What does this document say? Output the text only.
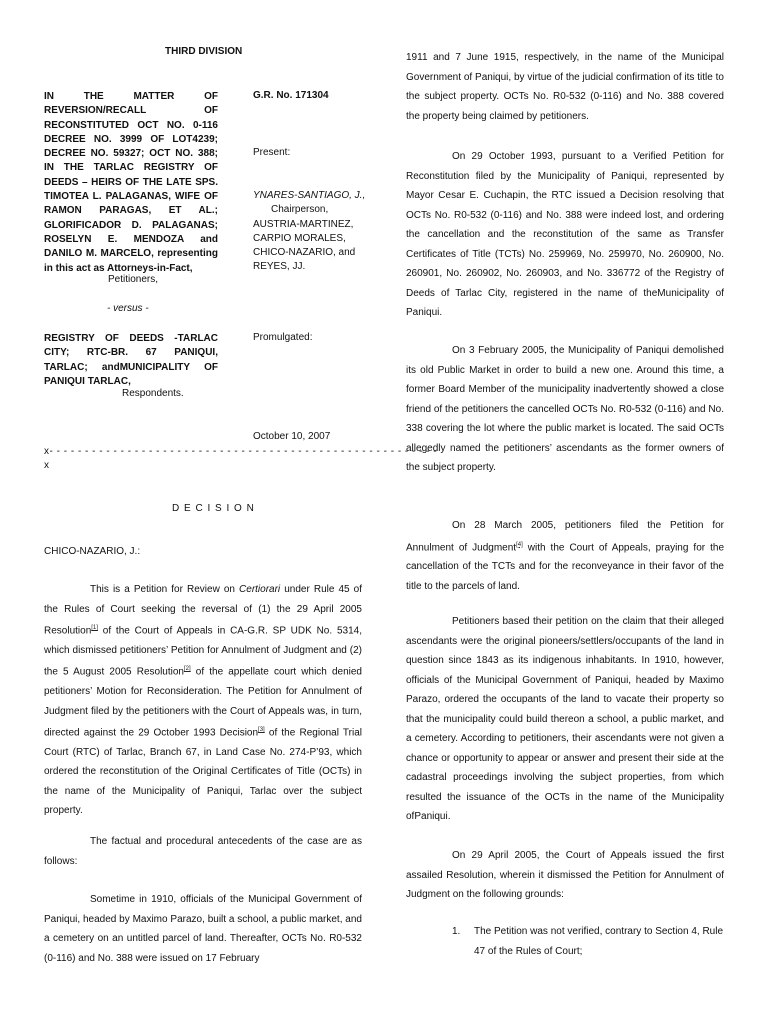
THIRD DIVISION
IN THE MATTER OF REVERSION/RECALL OF RECONSTITUTED OCT NO. 0-116 DECREE NO. 3999 OF LOT4239; DECREE NO. 59327; OCT NO. 388; IN THE TARLAC REGISTRY OF DEEDS – HEIRS OF THE LATE SPS. TIMOTEA L. PALAGANAS, WIFE OF RAMON PARAGAS, ET AL.; GLORIFICADOR D. PALAGANAS; ROSELYN E. MENDOZA and DANILO M. MARCELO, representing in this act as Attorneys-in-Fact,
Petitioners,
- versus -
REGISTRY OF DEEDS -TARLAC CITY; RTC-BR. 67 PANIQUI, TARLAC; andMUNICIPALITY OF PANIQUI TARLAC,
Respondents.
G.R. No. 171304
Present:
YNARES-SANTIAGO, J.,
Chairperson,
AUSTRIA-MARTINEZ,
CARPIO MORALES,
CHICO-NAZARIO, and
REYES, JJ.
Promulgated:
October 10, 2007
x- - - - - - - - - - - - - - - - - - - - - - - - - - - - - - - - - - - - - - - - - - - - - - - - - - - - - - -
x
D E C I S I O N
CHICO-NAZARIO, J.:
This is a Petition for Review on Certiorari under Rule 45 of the Rules of Court seeking the reversal of (1) the 29 April 2005 Resolution[1] of the Court of Appeals in CA-G.R. SP UDK No. 5314, which dismissed petitioners’ Petition for Annulment of Judgment and (2) the 5 August 2005 Resolution[2] of the appellate court which denied petitioners’ Motion for Reconsideration. The Petition for Annulment of Judgment filed by the petitioners with the Court of Appeals was, in turn, directed against the 29 October 1993 Decision[3] of the Regional Trial Court (RTC) of Tarlac, Branch 67, in Land Case No. 274-P’93, which ordered the reconstitution of the Original Certificates of Title (OCTs) in the name of the Municipality of Paniqui, Tarlac over the subject property.
The factual and procedural antecedents of the case are as follows:
Sometime in 1910, officials of the Municipal Government of Paniqui, headed by Maximo Parazo, built a school, a public market, and a cemetery on an untitled parcel of land. Thereafter, OCTs No. R0-532 (0-116) and No. 388 were issued on 17 February
1911 and 7 June 1915, respectively, in the name of the Municipal Government of Paniqui, by virtue of the judicial confirmation of its title to the subject property. OCTs No. R0-532 (0-116) and No. 388 covered the property being claimed by petitioners.
On 29 October 1993, pursuant to a Verified Petition for Reconstitution filed by the Municipality of Paniqui, represented by Mayor Cesar E. Cuchapin, the RTC issued a Decision resolving that OCTs No. R0-532 (0-116) and No. 388 were indeed lost, and ordering the cancellation and the reconstitution of the same as Transfer Certificates of Title (TCTs) No. 259969, No. 259970, No. 260900, No. 260901, No. 260902, No. 260903, and No. 336772 of the Registry of Deeds of Tarlac City, registered in the name of theMunicipality of Paniqui.
On 3 February 2005, the Municipality of Paniqui demolished its old Public Market in order to build a new one. Around this time, a former Board Member of the municipality inadvertently showed a close friend of the petitioners the cancelled OCTs No. R0-532 (0-116) and No. 338 covering the lot where the public market is located. The said OCTs allegedly named the petitioners’ ascendants as the former owners of the subject property.
On 28 March 2005, petitioners filed the Petition for Annulment of Judgment[4] with the Court of Appeals, praying for the cancellation of the TCTs and for the reconveyance in their favor of the title to the parcels of land.
Petitioners based their petition on the claim that their alleged ascendants were the original pioneers/settlers/occupants of the land in question since 1843 as its indigenous inhabitants. In 1910, however, officials of the Municipal Government of Paniqui, headed by Maximo Parazo, ordered the occupants of the land to vacate their property so that the municipality could build thereon a school, a public market, and a cemetery. According to petitioners, their ascendants were not given a chance or opportunity to appear or answer and present their side at the cadastral proceedings involving the subject properties, from which resulted the issuance of the OCTs in the name of the Municipality ofPaniqui.
On 29 April 2005, the Court of Appeals issued the first assailed Resolution, wherein it dismissed the Petition for Annulment of Judgment on the following grounds:
1. The Petition was not verified, contrary to Section 4, Rule 47 of the Rules of Court;
